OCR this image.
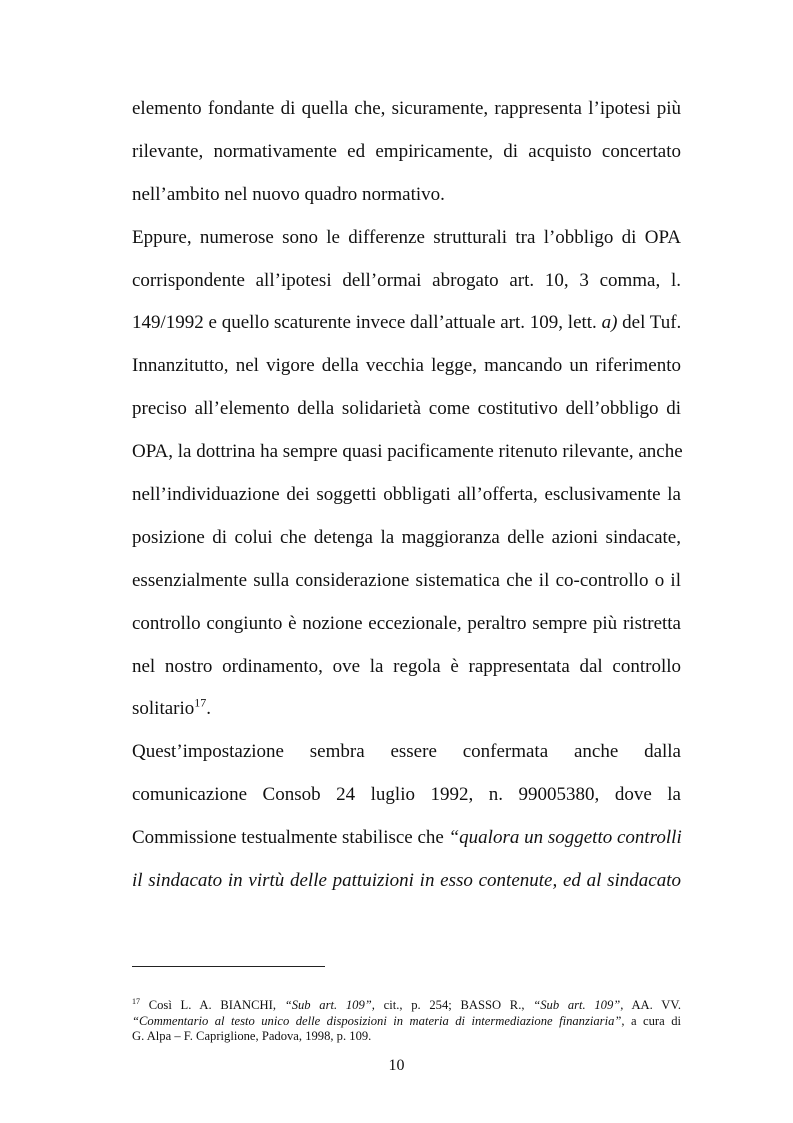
elemento fondante di quella che, sicuramente, rappresenta l’ipotesi più
rilevante, normativamente ed empiricamente, di acquisto concertato
nell’ambito nel nuovo quadro normativo.
Eppure, numerose sono le differenze strutturali tra l’obbligo di OPA
corrispondente all’ipotesi dell’ormai abrogato art. 10, 3 comma, l.
149/1992 e quello scaturente invece dall’attuale art. 109, lett. a) del Tuf.
Innanzitutto, nel vigore della vecchia legge, mancando un riferimento
preciso all’elemento della solidarietà come costitutivo dell’obbligo di
OPA, la dottrina ha sempre quasi pacificamente ritenuto rilevante, anche
nell’individuazione dei soggetti obbligati all’offerta, esclusivamente la
posizione di colui che detenga la maggioranza delle azioni sindacate,
essenzialmente sulla considerazione sistematica che il co-controllo o il
controllo congiunto è nozione eccezionale, peraltro sempre più ristretta
nel nostro ordinamento, ove la regola è rappresentata dal controllo
solitario$^{17}$.
Quest’impostazione sembra essere confermata anche dalla
comunicazione Consob 24 luglio 1992, n. 99005380, dove la
Commissione testualmente stabilisce che “qualora un soggetto controlli
il sindacato in virtù delle pattuizioni in esso contenute, ed al sindacato
$^{17}$ Così L. A. BIANCHI, “Sub art. 109”, cit., p. 254; BASSO R., “Sub art. 109”, AA. VV.
“Commentario al testo unico delle disposizioni in materia di intermediazione finanziaria”, a cura di
G. Alpa – F. Capriglione, Padova, 1998, p. 109.
10
